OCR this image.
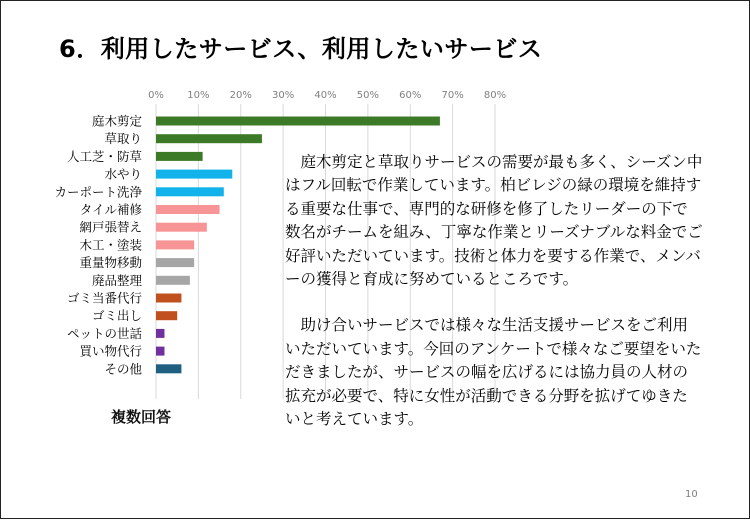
6．利用したサービス、利用したいサービス
0% 10% 20% 30% 40% 50% 60% 70% 80%
庭木剪定
草取り
人工芝・防草
水やり
カーポート洗浄
タイル補修
網戸張替え
木工・塗装
重量物移動
廃品整理
ゴミ当番代行
ゴミ出し
ペットの世話
買い物代行
その他
複数回答

庭木剪定と草取りサービスの需要が最も多く、シーズン中はフル回転で作業しています。柏ビレジの緑の環境を維持する重要な仕事で、専門的な研修を修了したリーダーの下で数名がチームを組み、丁寧な作業とリーズナブルな料金でご好評いただいています。技術と体力を要する作業で、メンバーの獲得と育成に努めているところです。

助け合いサービスでは様々な生活支援サービスをご利用いただいています。今回のアンケートで様々なご要望をいただきましたが、サービスの幅を広げるには協力員の人材の拡充が必要で、特に女性が活動できる分野を拡げてゆきたいと考えています。

10
